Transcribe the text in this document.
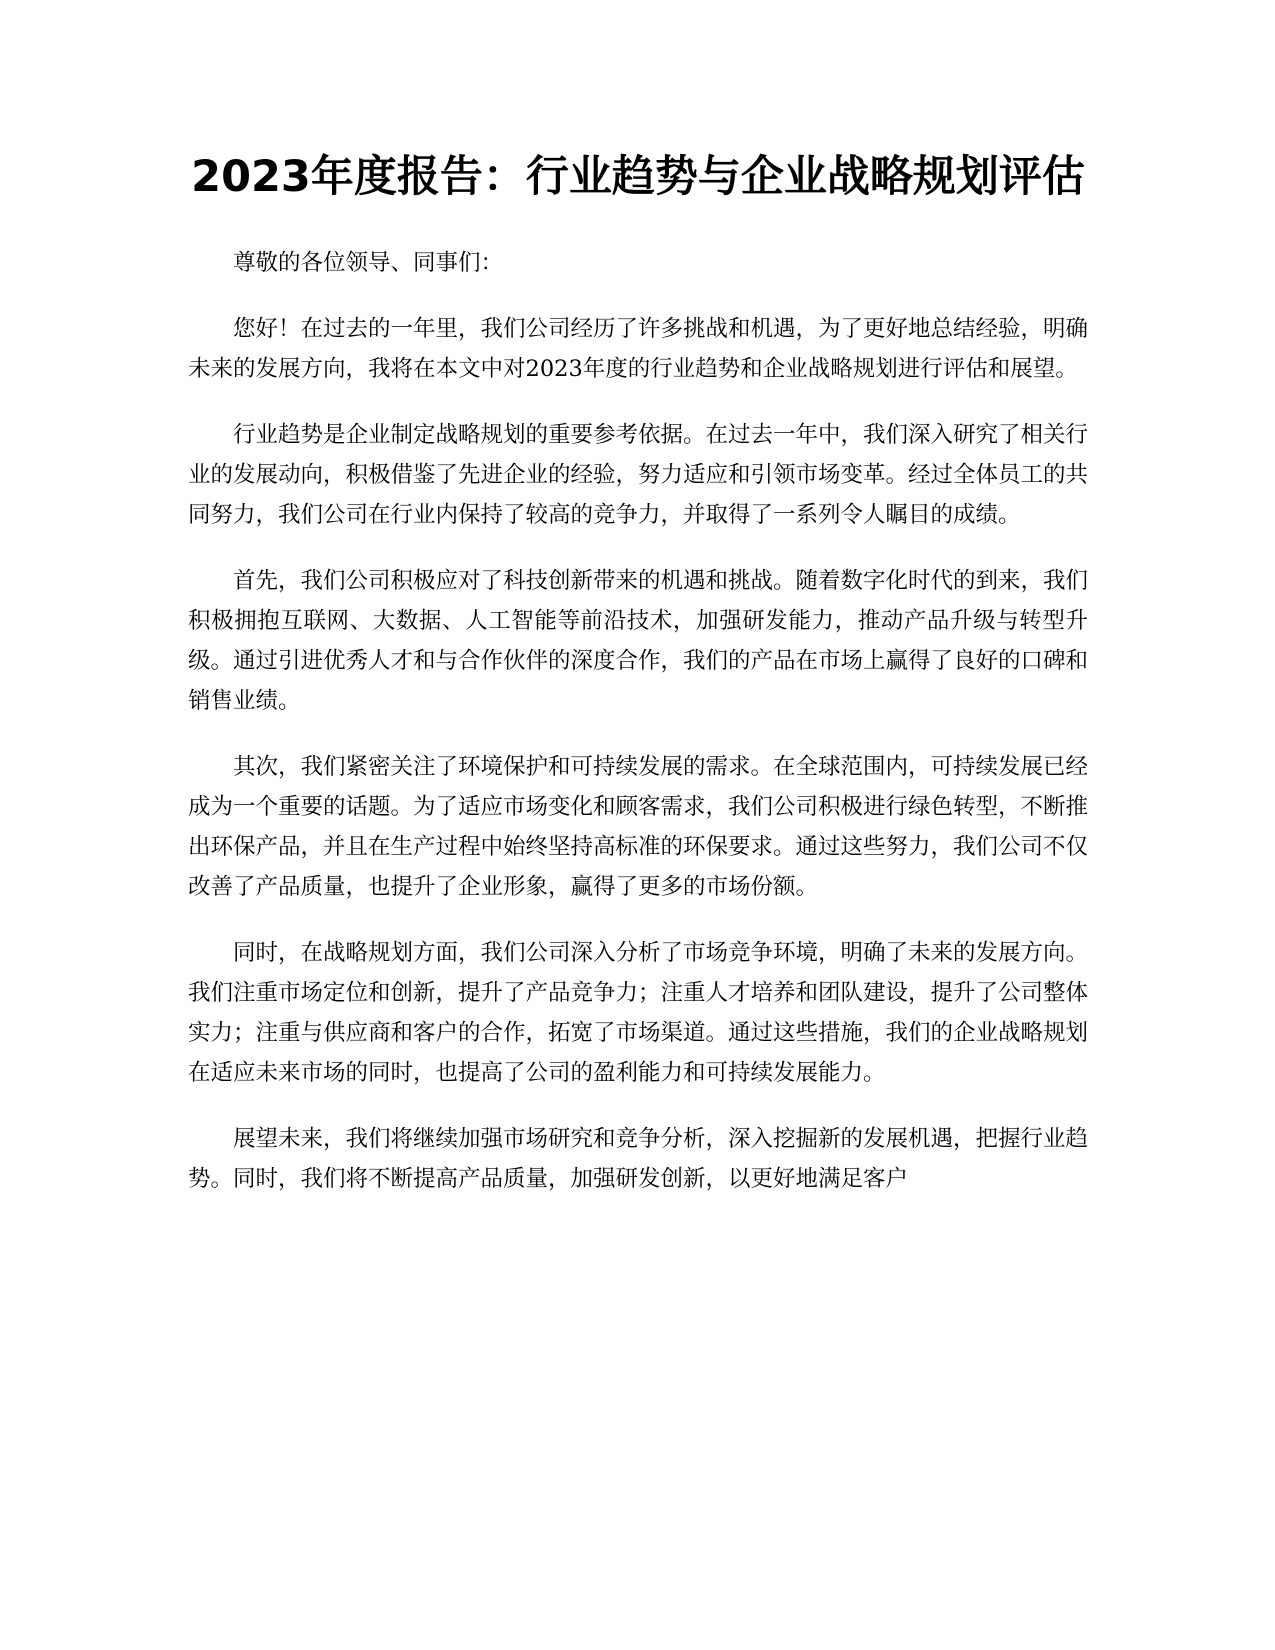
2023年度报告：行业趋势与企业战略规划评估

尊敬的各位领导、同事们：

您好！在过去的一年里，我们公司经历了许多挑战和机遇，为了更好地总结经验，明确未来的发展方向，我将在本文中对2023年度的行业趋势和企业战略规划进行评估和展望。

行业趋势是企业制定战略规划的重要参考依据。在过去一年中，我们深入研究了相关行业的发展动向，积极借鉴了先进企业的经验，努力适应和引领市场变革。经过全体员工的共同努力，我们公司在行业内保持了较高的竞争力，并取得了一系列令人瞩目的成绩。

首先，我们公司积极应对了科技创新带来的机遇和挑战。随着数字化时代的到来，我们积极拥抱互联网、大数据、人工智能等前沿技术，加强研发能力，推动产品升级与转型升级。通过引进优秀人才和与合作伙伴的深度合作，我们的产品在市场上赢得了良好的口碑和销售业绩。

其次，我们紧密关注了环境保护和可持续发展的需求。在全球范围内，可持续发展已经成为一个重要的话题。为了适应市场变化和顾客需求，我们公司积极进行绿色转型，不断推出环保产品，并且在生产过程中始终坚持高标准的环保要求。通过这些努力，我们公司不仅改善了产品质量，也提升了企业形象，赢得了更多的市场份额。

同时，在战略规划方面，我们公司深入分析了市场竞争环境，明确了未来的发展方向。我们注重市场定位和创新，提升了产品竞争力；注重人才培养和团队建设，提升了公司整体实力；注重与供应商和客户的合作，拓宽了市场渠道。通过这些措施，我们的企业战略规划在适应未来市场的同时，也提高了公司的盈利能力和可持续发展能力。

展望未来，我们将继续加强市场研究和竞争分析，深入挖掘新的发展机遇，把握行业趋势。同时，我们将不断提高产品质量，加强研发创新，以更好地满足客户
